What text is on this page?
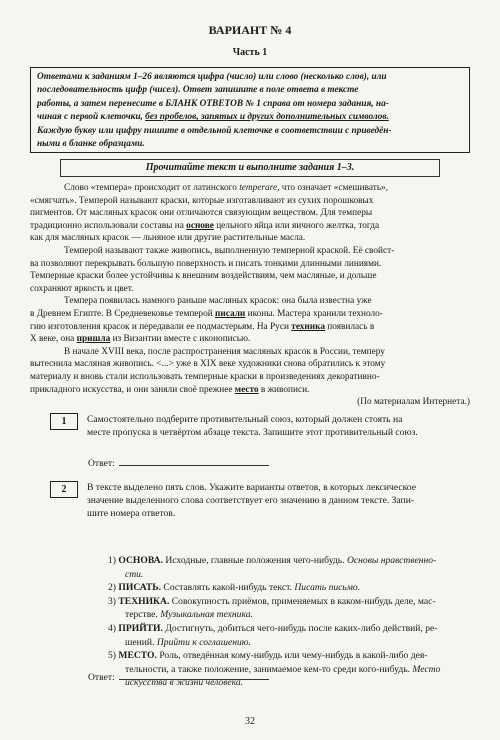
ВАРИАНТ № 4
Часть 1
Ответами к заданиям 1–26 являются цифра (число) или слово (несколько слов), или
последовательность цифр (чисел). Ответ запишите в поле ответа в тексте
работы, а затем перенесите в БЛАНК ОТВЕТОВ № 1 справа от номера задания, на-
чиная с первой клеточки, без пробелов, запятых и других дополнительных символов.
Каждую букву или цифру пишите в отдельной клеточке в соответствии с приведён-
ными в бланке образцами.
Прочитайте текст и выполните задания 1–3.
Слово «темпера» происходит от латинского temperare, что означает «смешивать»,
«смягчать». Темперой называют краски, которые изготавливают из сухих порошковых
пигментов. От масляных красок они отличаются связующим веществом. Для темперы
традиционно использовали составы на основе цельного яйца или яичного желтка, тогда
как для масляных красок — льняное или другие растительные масла.
Темперой называют также живопись, выполненную темперной краской. Её свойст-
ва позволяют перекрывать большую поверхность и писать тонкими длинными линиями.
Темперные краски более устойчивы к внешним воздействиям, чем масляные, и дольше
сохраняют яркость и цвет.
Темпера появилась намного раньше масляных красок: она была известна уже
в Древнем Египте. В Средневековье темперой писали иконы. Мастера хранили техноло-
гию изготовления красок и передавали ее подмастерьям. На Руси техника появилась в
X веке, она пришла из Византии вместе с иконописью.
В начале XVIII века, после распространения масляных красок в России, темперу
вытеснила масляная живопись. <...> уже в XIX веке художники снова обратились к этому
материалу и вновь стали использовать темперные краски в произведениях декоративно-
прикладного искусства, и они заняли своё прежнее место в живописи.
(По материалам Интернета.)
1	Самостоятельно подберите противительный союз, который должен стоять на
месте пропуска в четвёртом абзаце текста. Запишите этот противительный союз.
Ответ:
2	В тексте выделено пять слов. Укажите варианты ответов, в которых лексическое
значение выделенного слова соответствует его значению в данном тексте. Запи-
шите номера ответов.
1) ОСНОВА. Исходные, главные положения чего-нибудь. Основы нравственно-
сти.
2) ПИСАТЬ. Составлять какой-нибудь текст. Писать письмо.
3) ТЕХНИКА. Совокупность приёмов, применяемых в каком-нибудь деле, мас-
терстве. Музыкальная техника.
4) ПРИЙТИ. Достигнуть, добиться чего-нибудь после каких-либо действий, ре-
шений. Прийти к соглашению.
5) МЕСТО. Роль, отведённая кому-нибудь или чему-нибудь в какой-либо дея-
тельности, а также положение, занимаемое кем-то среди кого-нибудь. Место
искусства в жизни человека.
Ответ:
32
